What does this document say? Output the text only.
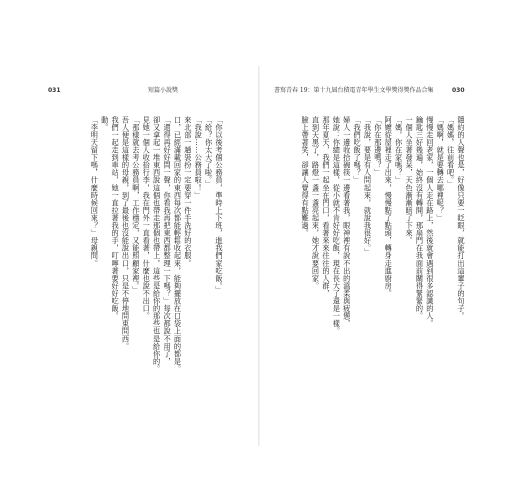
031	短篇小說獎	書寫青春 19：第十九屆台積電青年學生文學獎得獎作品合集	030
「你以後考個公務員，準時上下班，進我們家吃飯。」
「給？你太大了啦。」
「我說……公務員啦！」
來北部一趟裝扮一定要穿一件手洗好的衣服。
口，已經滿載回家的東西每次都能輕鬆收起來，能夠擺放在口袋上面的都是。
「還得再好好問一聲，你看我再把東西都整理一下嗎？」每次都說不用了，
卻又拿起一堆東西說這個也帶走那個也帶上，這些是給你的那些也是給你的。
見她一個人收拾行李，我在門外一直看著，什麼也說不出口。
「那樣就去考公務員啊，工作穩定，又能照顧家裡。」
吾人便是這樣的母親，到了最後也沒能說出口，只是不停地問東問西。
我們一起走到車站，她一直拉著我的手，叮嚀著要好好吃飯。
動。
「李明天留下嗎，什麼時候回來？」母親問。	隱約的人聲也是，好像只要一眨眼，就能打出這輩子的句子。
「媽媽，往前看吧。」
「媽啊，就是要轉去哪裡呢？」
慢慢走回老家，一個人走在路上，然後就會遇到很多認識的人。
鑰匙三好幾遍，始終沒有轉開，那扇門在我面前關得緊緊的。
一個人坐著發呆，天色漸漸暗了下來。
「媽，你在家嗎？」
阿嬤從屋裡走了出來，慢慢點了點頭，轉身走進廚房。
「你在那邊嗎？」
「我說，要是有人問起來，就說我很好。」
「我們吃飯了嗎？」
婦人一邊收拾碗筷一邊看著我，眼神裡有說不出的溫柔與疲憊，
她說：你總是這樣，從小就不肯好好吃飯，現在長大了還是一樣。
那年夏天，我們一起坐在門口，看著來來往往的人群，
直到天黑了，路燈一盞一盞亮起來，她才說要回家。
臉上帶著笑，卻讓人覺得有點難過。
